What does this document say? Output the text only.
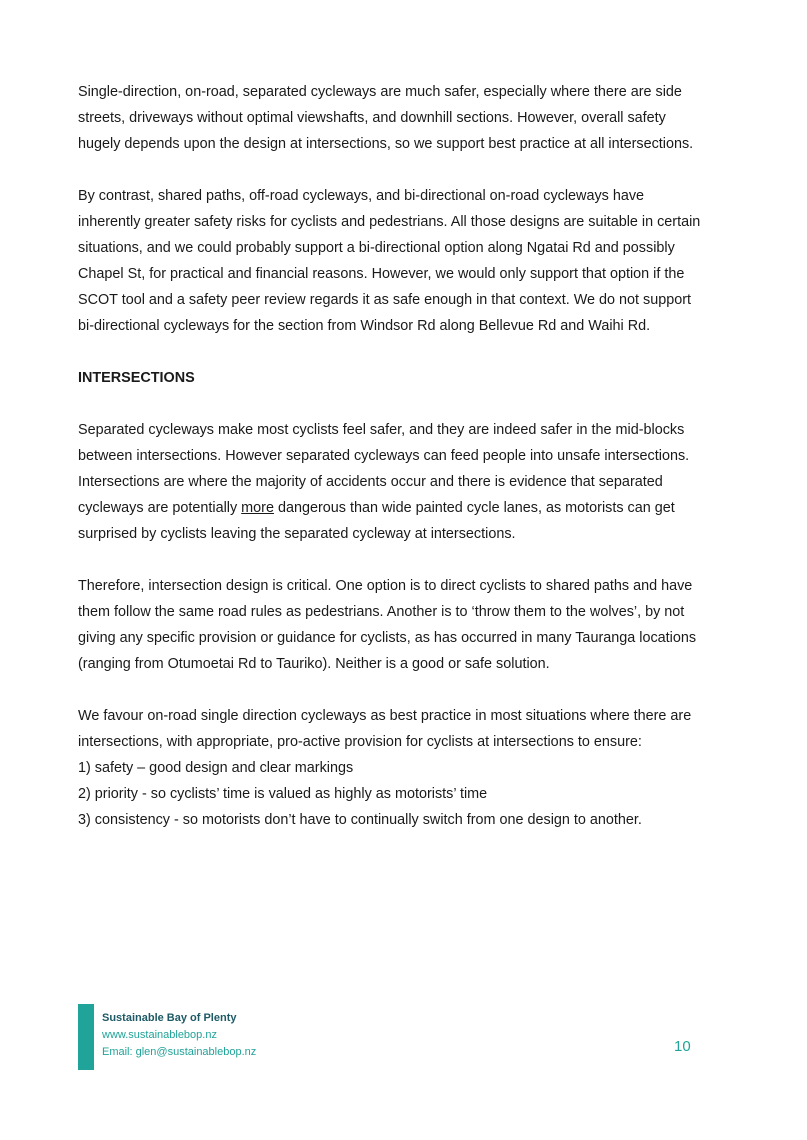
Single-direction, on-road, separated cycleways are much safer, especially where there are side
streets, driveways without optimal viewshafts, and downhill sections. However, overall safety
hugely depends upon the design at intersections, so we support best practice at all intersections.

By contrast, shared paths, off-road cycleways, and bi-directional on-road cycleways have
inherently greater safety risks for cyclists and pedestrians. All those designs are suitable in certain
situations, and we could probably support a bi-directional option along Ngatai Rd and possibly
Chapel St, for practical and financial reasons. However, we would only support that option if the
SCOT tool and a safety peer review regards it as safe enough in that context. We do not support
bi-directional cycleways for the section from Windsor Rd along Bellevue Rd and Waihi Rd.

INTERSECTIONS

Separated cycleways make most cyclists feel safer, and they are indeed safer in the mid-blocks
between intersections. However separated cycleways can feed people into unsafe intersections.
Intersections are where the majority of accidents occur and there is evidence that separated
cycleways are potentially more dangerous than wide painted cycle lanes, as motorists can get
surprised by cyclists leaving the separated cycleway at intersections.

Therefore, intersection design is critical. One option is to direct cyclists to shared paths and have
them follow the same road rules as pedestrians. Another is to ‘throw them to the wolves’, by not
giving any specific provision or guidance for cyclists, as has occurred in many Tauranga locations
(ranging from Otumoetai Rd to Tauriko). Neither is a good or safe solution.

We favour on-road single direction cycleways as best practice in most situations where there are
intersections, with appropriate, pro-active provision for cyclists at intersections to ensure:
1) safety – good design and clear markings
2) priority - so cyclists’ time is valued as highly as motorists’ time
3) consistency - so motorists don’t have to continually switch from one design to another.

Sustainable Bay of Plenty
www.sustainablebop.nz
Email: glen@sustainablebop.nz	10
